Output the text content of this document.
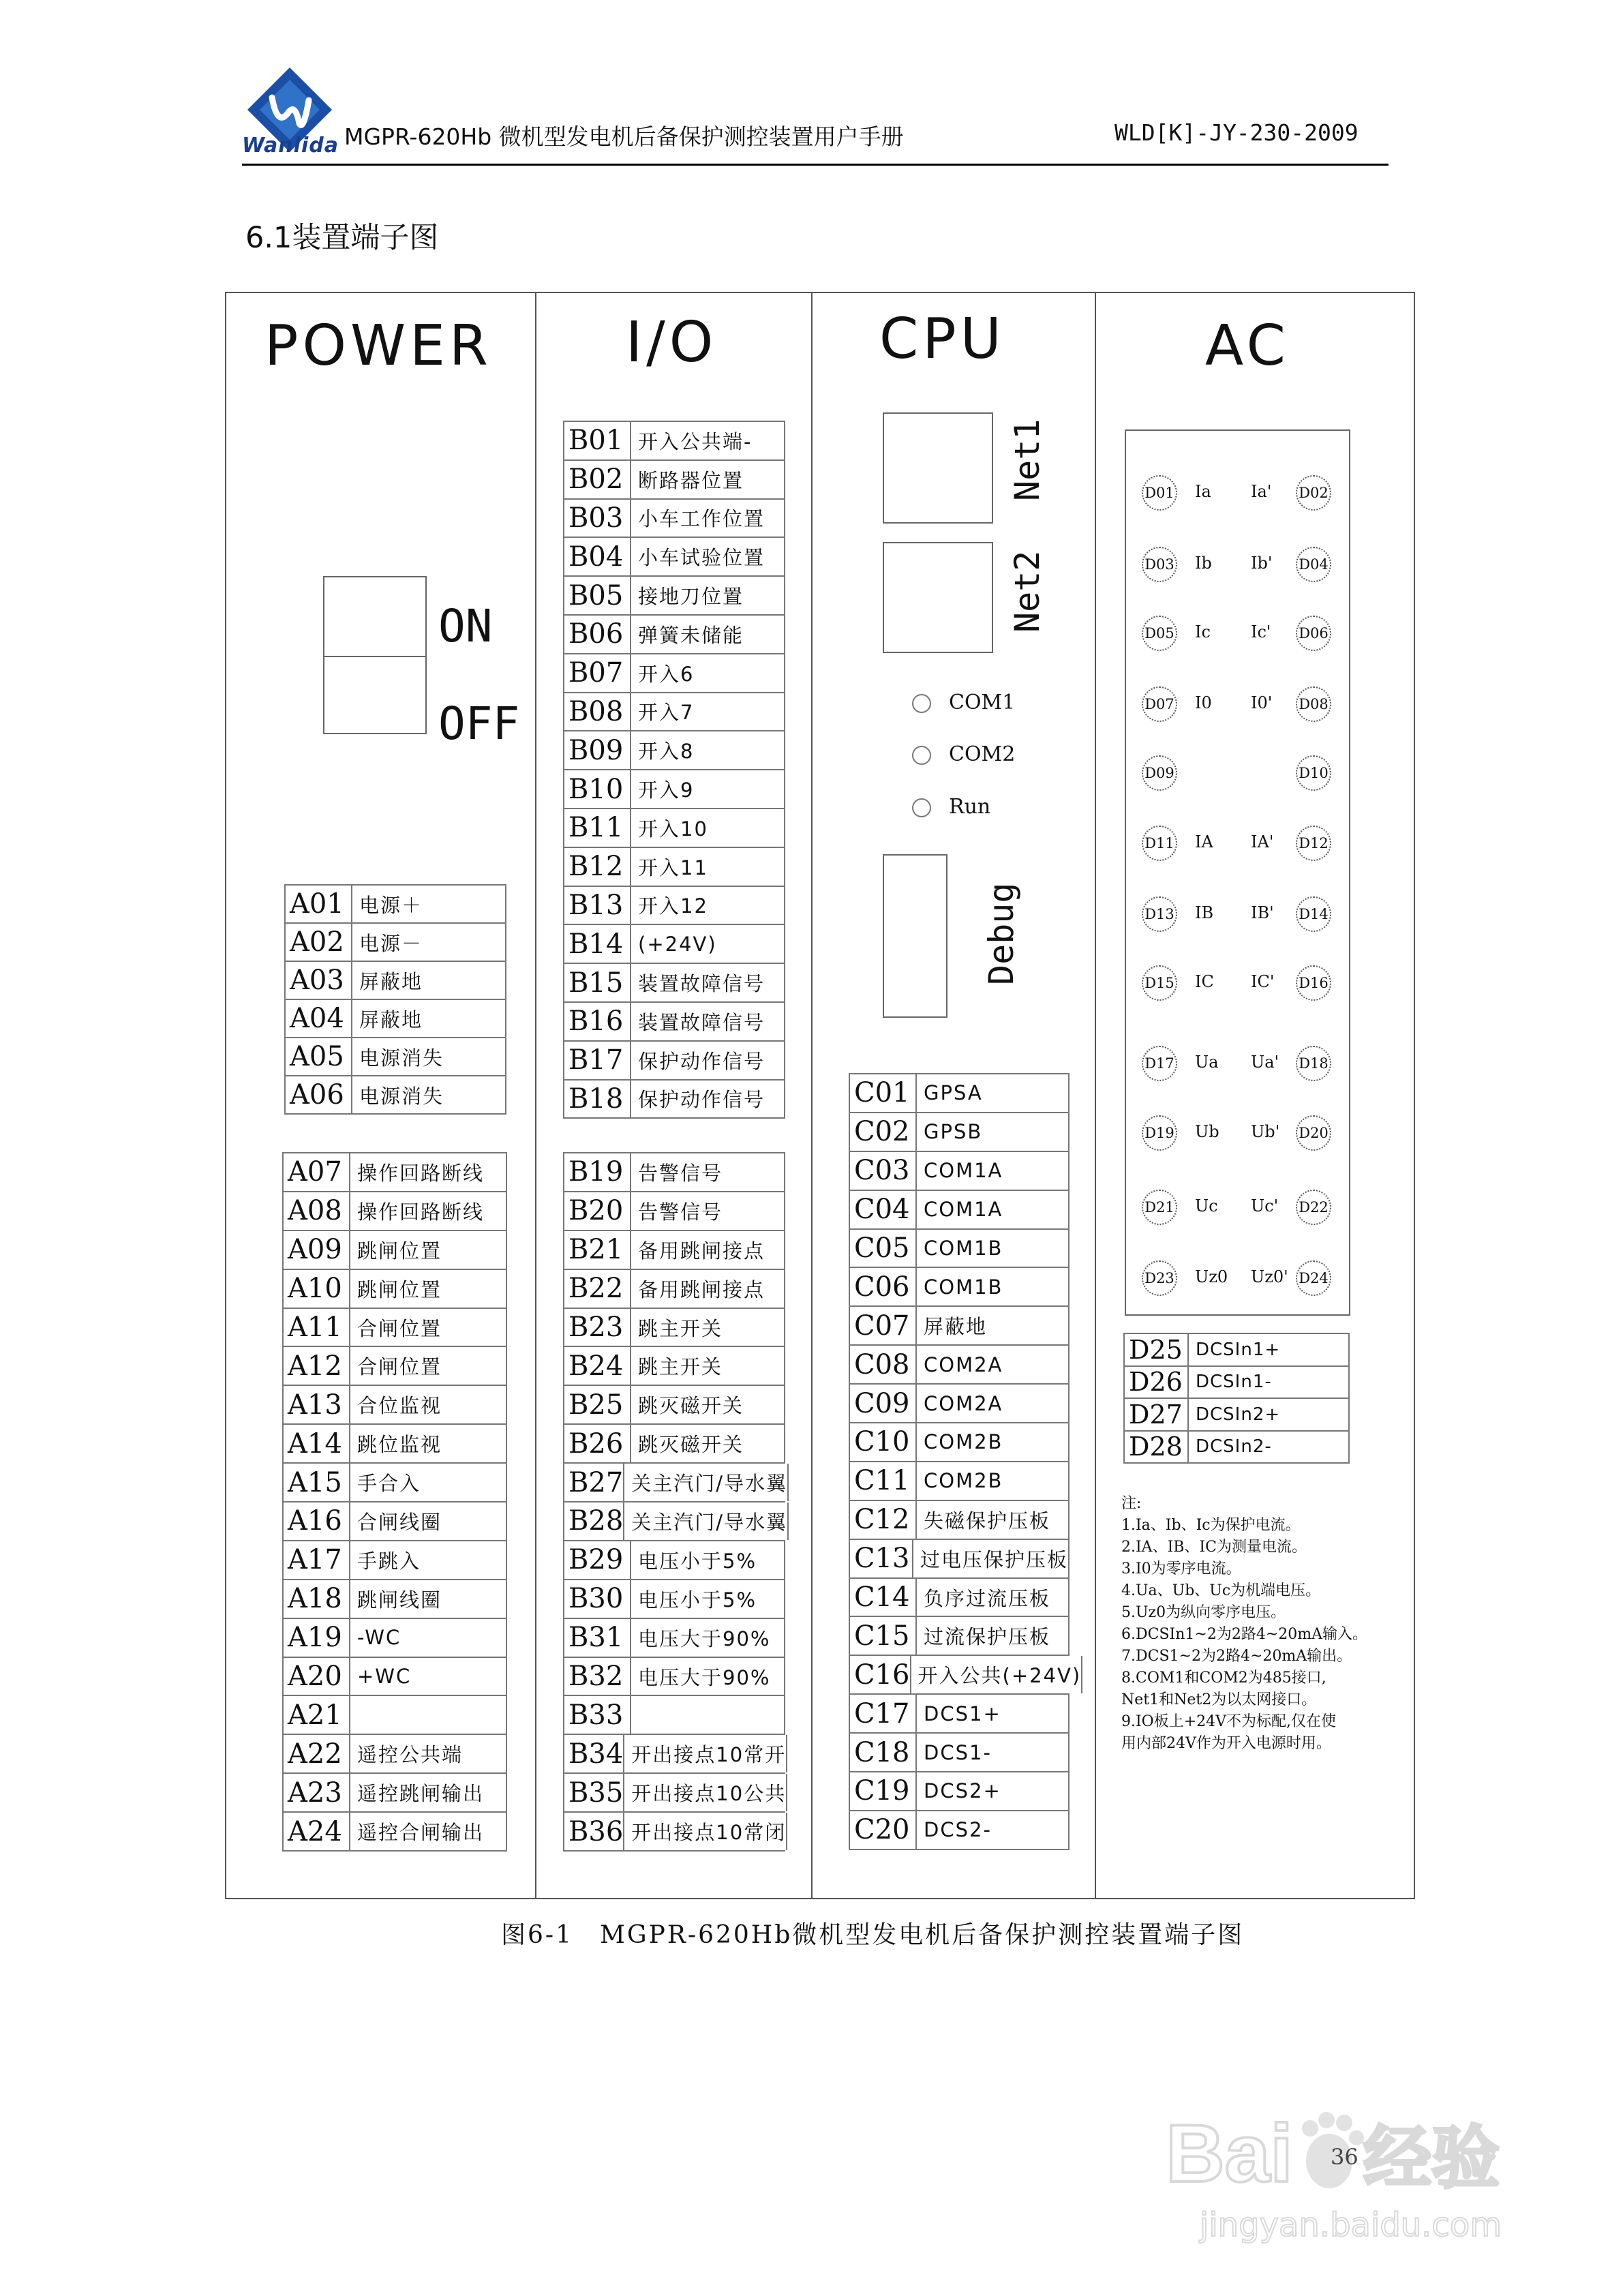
Wanlida MGPR-620Hb 微机型发电机后备保护测控装置用户手册	WLD[K]-JY-230-2009
6.1装置端子图
POWER
ON
OFF
A01 电源＋
A02 电源－
A03 屏蔽地
A04 屏蔽地
A05 电源消失
A06 电源消失
A07 操作回路断线
A08 操作回路断线
A09 跳闸位置
A10 跳闸位置
A11 合闸位置
A12 合闸位置
A13 合位监视
A14 跳位监视
A15 手合入
A16 合闸线圈
A17 手跳入
A18 跳闸线圈
A19 -WC
A20 +WC
A21
A22 遥控公共端
A23 遥控跳闸输出
A24 遥控合闸输出
I/O
B01 开入公共端-
B02 断路器位置
B03 小车工作位置
B04 小车试验位置
B05 接地刀位置
B06 弹簧未储能
B07 开入6
B08 开入7
B09 开入8
B10 开入9
B11 开入10
B12 开入11
B13 开入12
B14 (+24V)
B15 装置故障信号
B16 装置故障信号
B17 保护动作信号
B18 保护动作信号
B19 告警信号
B20 告警信号
B21 备用跳闸接点
B22 备用跳闸接点
B23 跳主开关
B24 跳主开关
B25 跳灭磁开关
B26 跳灭磁开关
B27 关主汽门/导水翼
B28 关主汽门/导水翼
B29 电压小于5%
B30 电压小于5%
B31 电压大于90%
B32 电压大于90%
B33
B34 开出接点10常开
B35 开出接点10公共
B36 开出接点10常闭
CPU
Net1
Net2
COM1
COM2
Run
Debug
C01 GPSA
C02 GPSB
C03 COM1A
C04 COM1A
C05 COM1B
C06 COM1B
C07 屏蔽地
C08 COM2A
C09 COM2A
C10 COM2B
C11 COM2B
C12 失磁保护压板
C13 过电压保护压板
C14 负序过流压板
C15 过流保护压板
C16 开入公共(+24V)
C17 DCS1+
C18 DCS1-
C19 DCS2+
C20 DCS2-
AC
D01 Ia Ia' D02
D03 Ib Ib' D04
D05 Ic Ic' D06
D07 I0 I0' D08
D09	D10
D11 IA IA' D12
D13 IB IB' D14
D15 IC IC' D16
D17 Ua Ua' D18
D19 Ub Ub' D20
D21 Uc Uc' D22
D23 Uz0 Uz0' D24
D25 DCSIn1+
D26 DCSIn1-
D27 DCSIn2+
D28 DCSIn2-
注:
1.Ia、Ib、Ic为保护电流。
2.IA、IB、IC为测量电流。
3.I0为零序电流。
4.Ua、Ub、Uc为机端电压。
5.Uz0为纵向零序电压。
6.DCSIn1~2为2路4~20mA输入。
7.DCS1~2为2路4~20mA输出。
8.COM1和COM2为485接口,
Net1和Net2为以太网接口。
9.IO板上+24V不为标配,仅在使
用内部24V作为开入电源时用。
图6-1　MGPR-620Hb微机型发电机后备保护测控装置端子图
Bai 经验
jingyan.baidu.com
36
